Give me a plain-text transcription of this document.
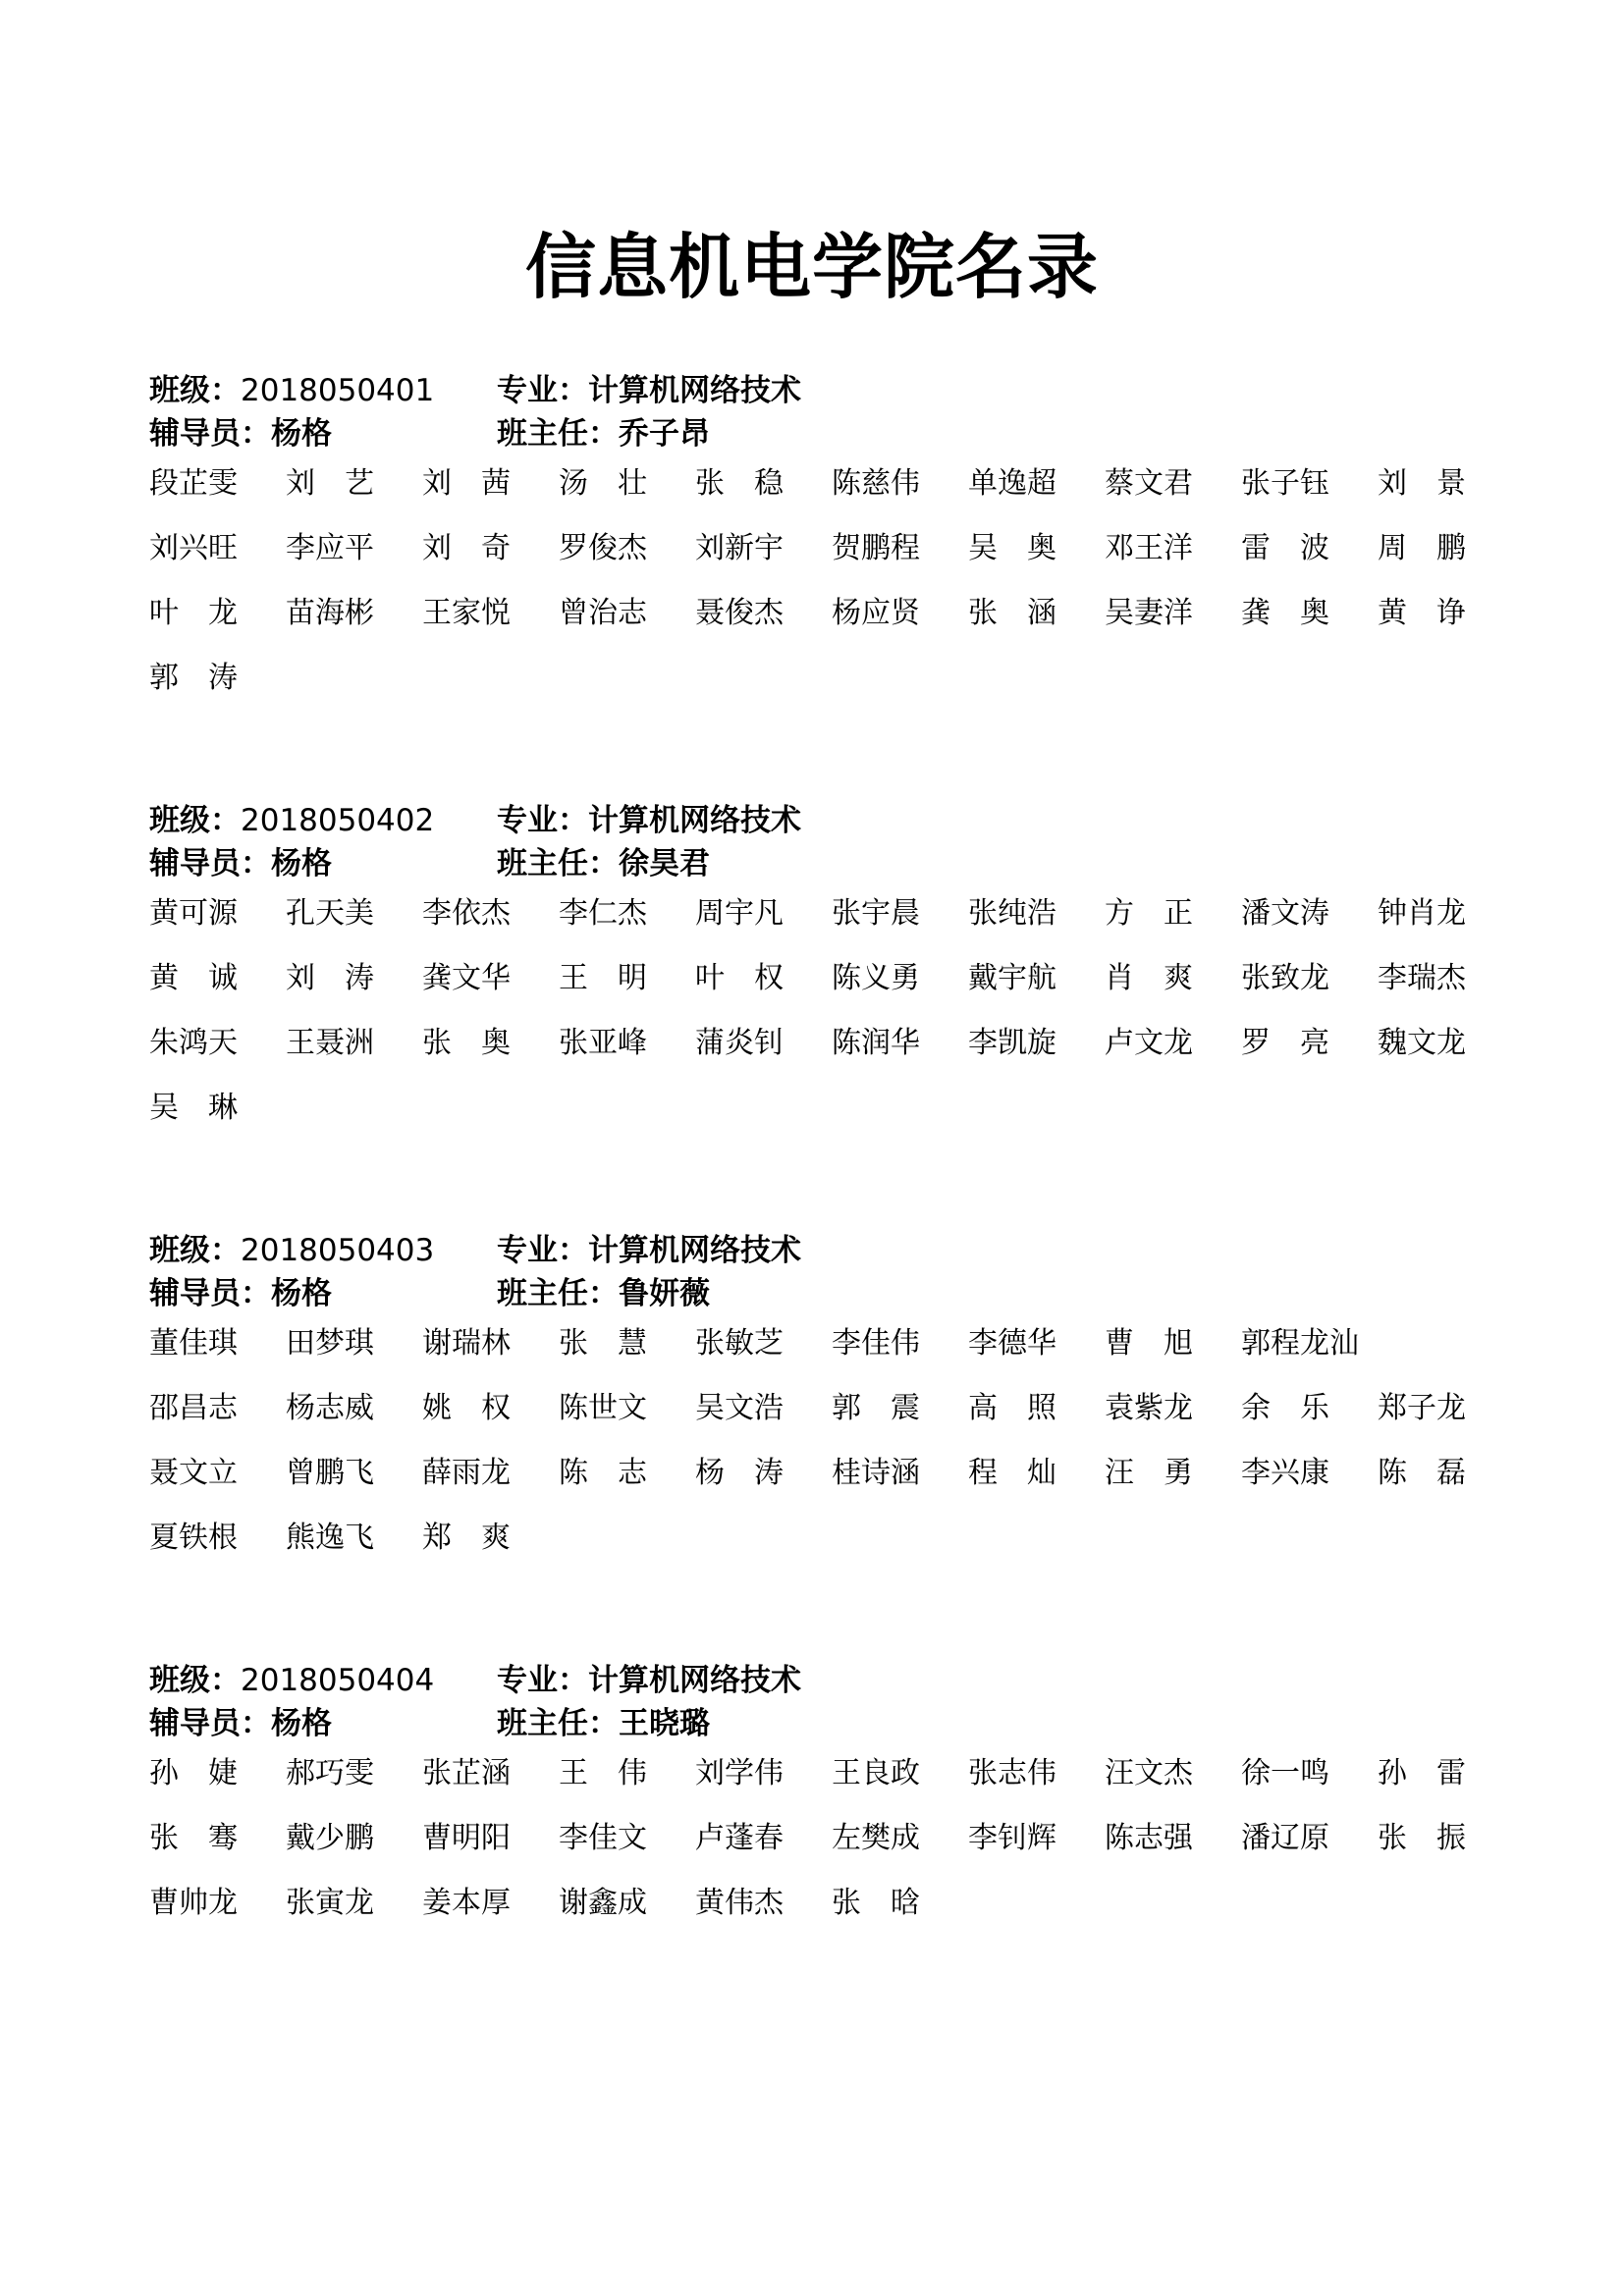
信息机电学院名录
班级：2018050401 专业：计算机网络技术
辅导员：杨格	班主任：乔子昂
段芷雯 刘　艺 刘　茜 汤　壮 张　稳 陈慈伟 单逸超 蔡文君 张子钰 刘　景
刘兴旺 李应平 刘　奇 罗俊杰 刘新宇 贺鹏程 吴　奥 邓王洋 雷　波 周　鹏
叶　龙 苗海彬 王家悦 曾治志 聂俊杰 杨应贤 张　涵 吴妻洋 龚　奥 黄　诤
郭　涛
班级：2018050402 专业：计算机网络技术
辅导员：杨格	班主任：徐昊君
黄可源 孔天美 李依杰 李仁杰 周宇凡 张宇晨 张纯浩 方　正 潘文涛 钟肖龙
黄　诚 刘　涛 龚文华 王　明 叶　权 陈义勇 戴宇航 肖　爽 张致龙 李瑞杰
朱鸿天 王聂洲 张　奥 张亚峰 蒲炎钊 陈润华 李凯旋 卢文龙 罗　亮 魏文龙
吴　琳
班级：2018050403 专业：计算机网络技术
辅导员：杨格	班主任：鲁妍薇
董佳琪 田梦琪 谢瑞林 张　慧 张敏芝 李佳伟 李德华 曹　旭 郭程龙汕
邵昌志 杨志威 姚　权 陈世文 吴文浩 郭　震 高　照 袁紫龙 余　乐 郑子龙
聂文立 曾鹏飞 薛雨龙 陈　志 杨　涛 桂诗涵 程　灿 汪　勇 李兴康 陈　磊
夏铁根 熊逸飞 郑　爽
班级：2018050404 专业：计算机网络技术
辅导员：杨格	班主任：王晓璐
孙　婕 郝巧雯 张芷涵 王　伟 刘学伟 王良政 张志伟 汪文杰 徐一鸣 孙　雷
张　骞 戴少鹏 曹明阳 李佳文 卢蓬春 左樊成 李钊辉 陈志强 潘辽原 张　振
曹帅龙 张寅龙 姜本厚 谢鑫成 黄伟杰 张　晗
